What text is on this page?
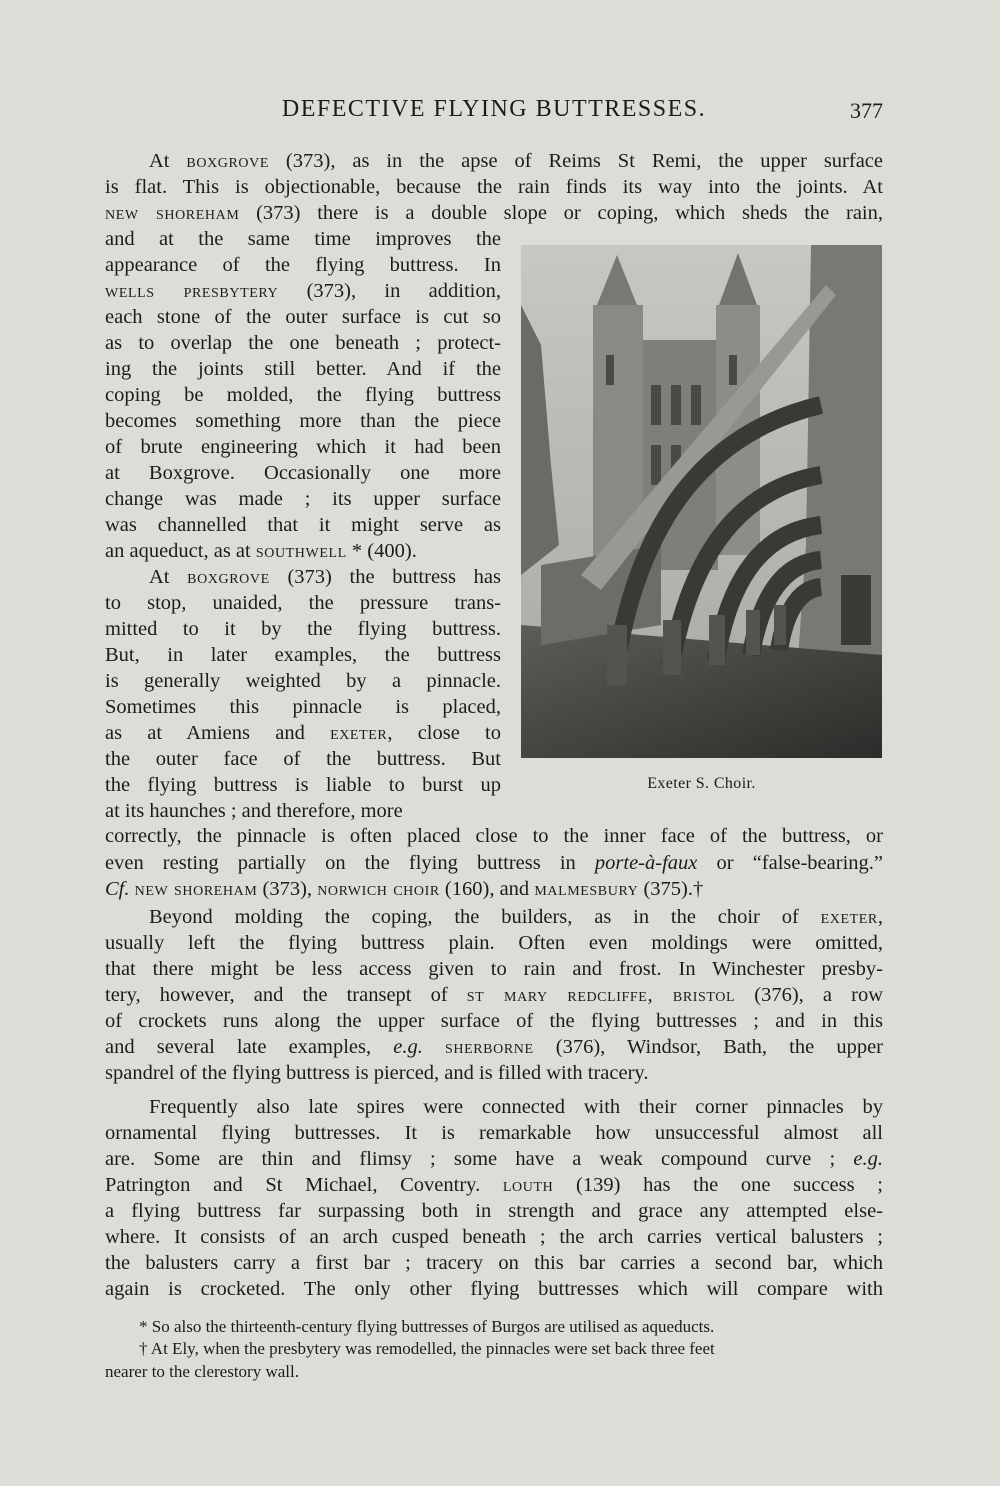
DEFECTIVE FLYING BUTTRESSES.	377
Exeter S. Choir.
At boxgrove (373), as in the apse of Reims St Remi, the upper surface
is flat. This is objectionable, because the rain finds its way into the joints. At
new shoreham (373) there is a double slope or coping, which sheds the rain,
and at the same time improves the
appearance of the flying buttress. In
wells presbytery (373), in addition,
each stone of the outer surface is cut so
as to overlap the one beneath ; protect-
ing the joints still better. And if the
coping be molded, the flying buttress
becomes something more than the piece
of brute engineering which it had been
at Boxgrove. Occasionally one more
change was made ; its upper surface
was channelled that it might serve as
an aqueduct, as at southwell * (400).
At boxgrove (373) the buttress has
to stop, unaided, the pressure trans-
mitted to it by the flying buttress.
But, in later examples, the buttress
is generally weighted by a pinnacle.
Sometimes this pinnacle is placed,
as at Amiens and exeter, close to
the outer face of the buttress. But
the flying buttress is liable to burst up
at its haunches ; and therefore, more
correctly, the pinnacle is often placed close to the inner face of the buttress, or
even resting partially on the flying buttress in porte-à-faux or “false-bearing.”
Cf. new shoreham (373), norwich choir (160), and malmesbury (375).†
Beyond molding the coping, the builders, as in the choir of exeter,
usually left the flying buttress plain. Often even moldings were omitted,
that there might be less access given to rain and frost. In Winchester presby-
tery, however, and the transept of st mary redcliffe, bristol (376), a row
of crockets runs along the upper surface of the flying buttresses ; and in this
and several late examples, e.g. sherborne (376), Windsor, Bath, the upper
spandrel of the flying buttress is pierced, and is filled with tracery.
Frequently also late spires were connected with their corner pinnacles by
ornamental flying buttresses. It is remarkable how unsuccessful almost all
are. Some are thin and flimsy ; some have a weak compound curve ; e.g.
Patrington and St Michael, Coventry. louth (139) has the one success ;
a flying buttress far surpassing both in strength and grace any attempted else-
where. It consists of an arch cusped beneath ; the arch carries vertical balusters ;
the balusters carry a first bar ; tracery on this bar carries a second bar, which
again is crocketed. The only other flying buttresses which will compare with
* So also the thirteenth-century flying buttresses of Burgos are utilised as aqueducts.
† At Ely, when the presbytery was remodelled, the pinnacles were set back three feet
nearer to the clerestory wall.
